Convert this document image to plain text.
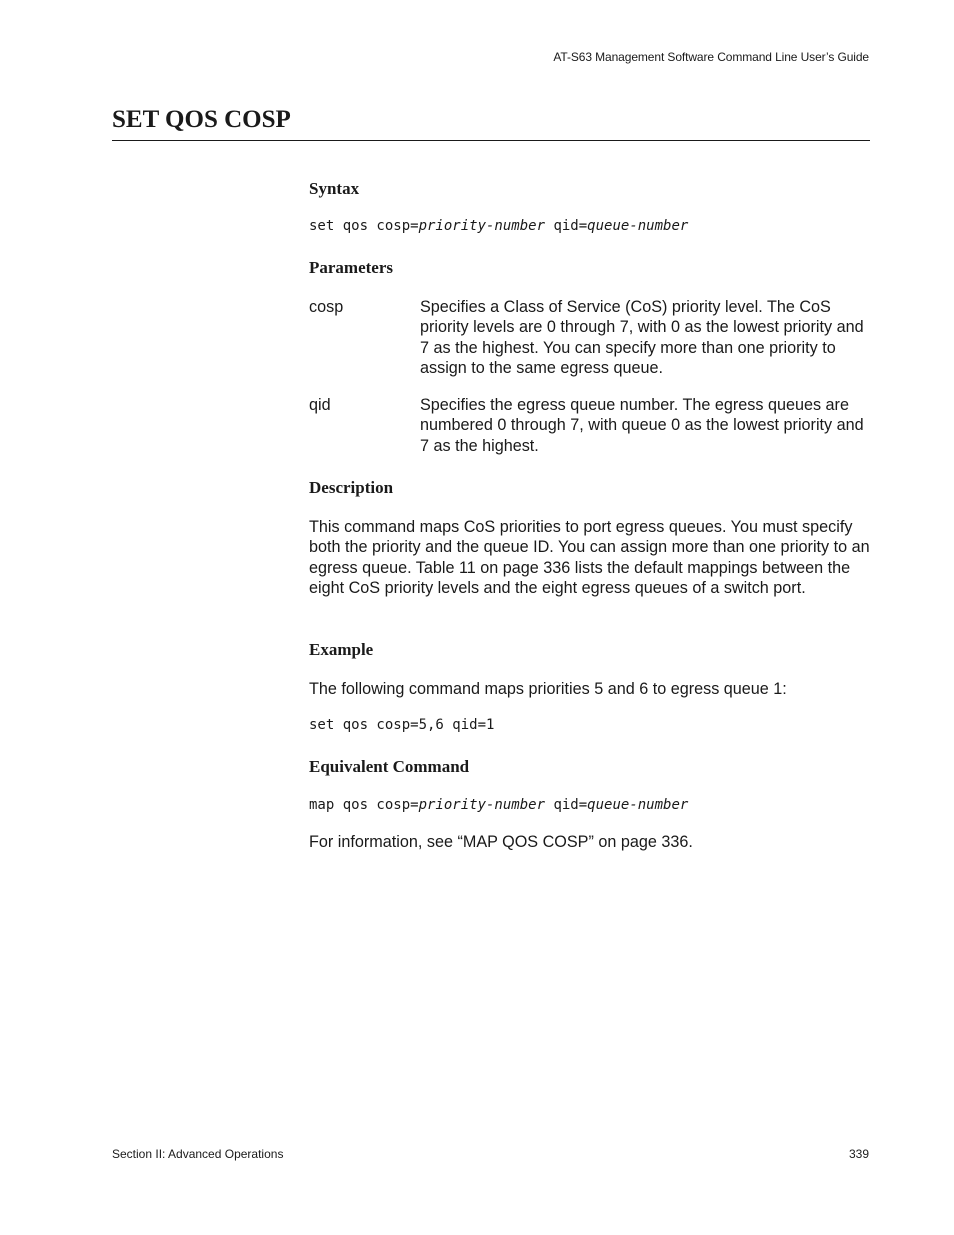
AT-S63 Management Software Command Line User’s Guide
SET QOS COSP
Syntax
set qos cosp=priority-number qid=queue-number
Parameters

cosp	Specifies a Class of Service (CoS) priority level. The CoS priority levels are 0 through 7, with 0 as the lowest priority and 7 as the highest. You can specify more than one priority to assign to the same egress queue.

qid	Specifies the egress queue number. The egress queues are numbered 0 through 7, with queue 0 as the lowest priority and 7 as the highest.

Description

This command maps CoS priorities to port egress queues. You must specify both the priority and the queue ID. You can assign more than one priority to an egress queue. Table 11 on page 336 lists the default mappings between the eight CoS priority levels and the eight egress queues of a switch port.

Example

The following command maps priorities 5 and 6 to egress queue 1:

set qos cosp=5,6 qid=1
Equivalent Command
map qos cosp=priority-number qid=queue-number

For information, see “MAP QOS COSP” on page 336.

Section II: Advanced Operations	339
